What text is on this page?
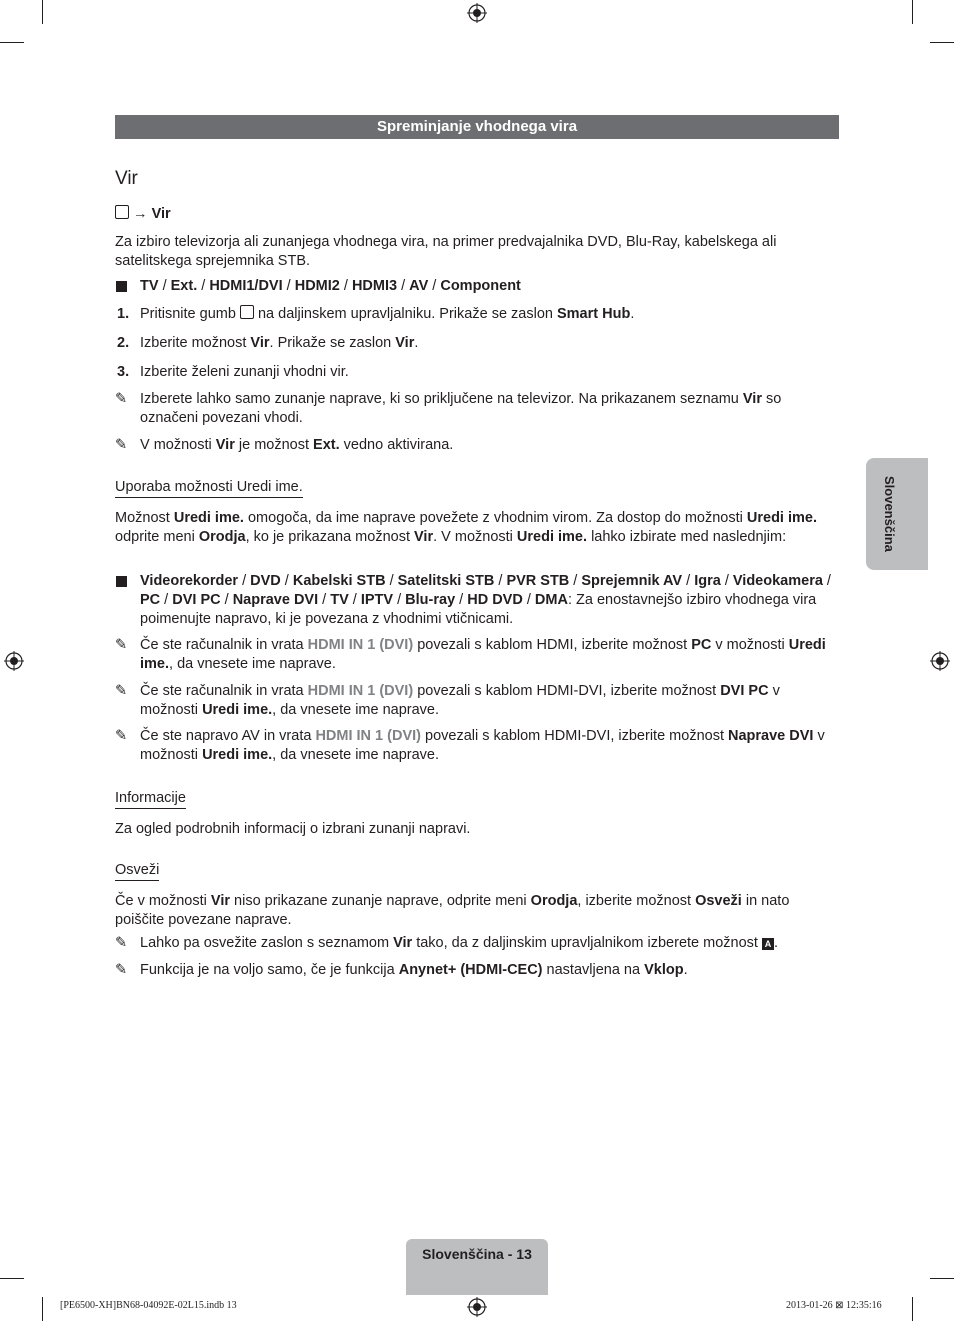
Spreminjanje vhodnega vira
Vir
→ Vir
Za izbiro televizorja ali zunanjega vhodnega vira, na primer predvajalnika DVD, Blu-Ray, kabelskega ali satelitskega sprejemnika STB.
TV / Ext. / HDMI1/DVI / HDMI2 / HDMI3 / AV / Component
1. Pritisnite gumb na daljinskem upravljalniku. Prikaže se zaslon Smart Hub.
2. Izberite možnost Vir. Prikaže se zaslon Vir.
3. Izberite želeni zunanji vhodni vir.
✎ Izberete lahko samo zunanje naprave, ki so priključene na televizor. Na prikazanem seznamu Vir so označeni povezani vhodi.
✎ V možnosti Vir je možnost Ext. vedno aktivirana.
Uporaba možnosti Uredi ime.
Možnost Uredi ime. omogoča, da ime naprave povežete z vhodnim virom. Za dostop do možnosti Uredi ime. odprite meni Orodja, ko je prikazana možnost Vir. V možnosti Uredi ime. lahko izbirate med naslednjim:
Videorekorder / DVD / Kabelski STB / Satelitski STB / PVR STB / Sprejemnik AV / Igra / Videokamera / PC / DVI PC / Naprave DVI / TV / IPTV / Blu-ray / HD DVD / DMA: Za enostavnejšo izbiro vhodnega vira poimenujte napravo, ki je povezana z vhodnimi vtičnicami.
✎ Če ste računalnik in vrata HDMI IN 1 (DVI) povezali s kablom HDMI, izberite možnost PC v možnosti Uredi ime., da vnesete ime naprave.
✎ Če ste računalnik in vrata HDMI IN 1 (DVI) povezali s kablom HDMI-DVI, izberite možnost DVI PC v možnosti Uredi ime., da vnesete ime naprave.
✎ Če ste napravo AV in vrata HDMI IN 1 (DVI) povezali s kablom HDMI-DVI, izberite možnost Naprave DVI v možnosti Uredi ime., da vnesete ime naprave.
Informacije
Za ogled podrobnih informacij o izbrani zunanji napravi.
Osveži
Če v možnosti Vir niso prikazane zunanje naprave, odprite meni Orodja, izberite možnost Osveži in nato poiščite povezane naprave.
✎ Lahko pa osvežite zaslon s seznamom Vir tako, da z daljinskim upravljalnikom izberete možnost A .
✎ Funkcija je na voljo samo, če je funkcija Anynet+ (HDMI-CEC) nastavljena na Vklop.
Slovenščina
Slovenščina - 13
[PE6500-XH]BN68-04092E-02L15.indb 13	2013-01-26 ⊠ 12:35:16
